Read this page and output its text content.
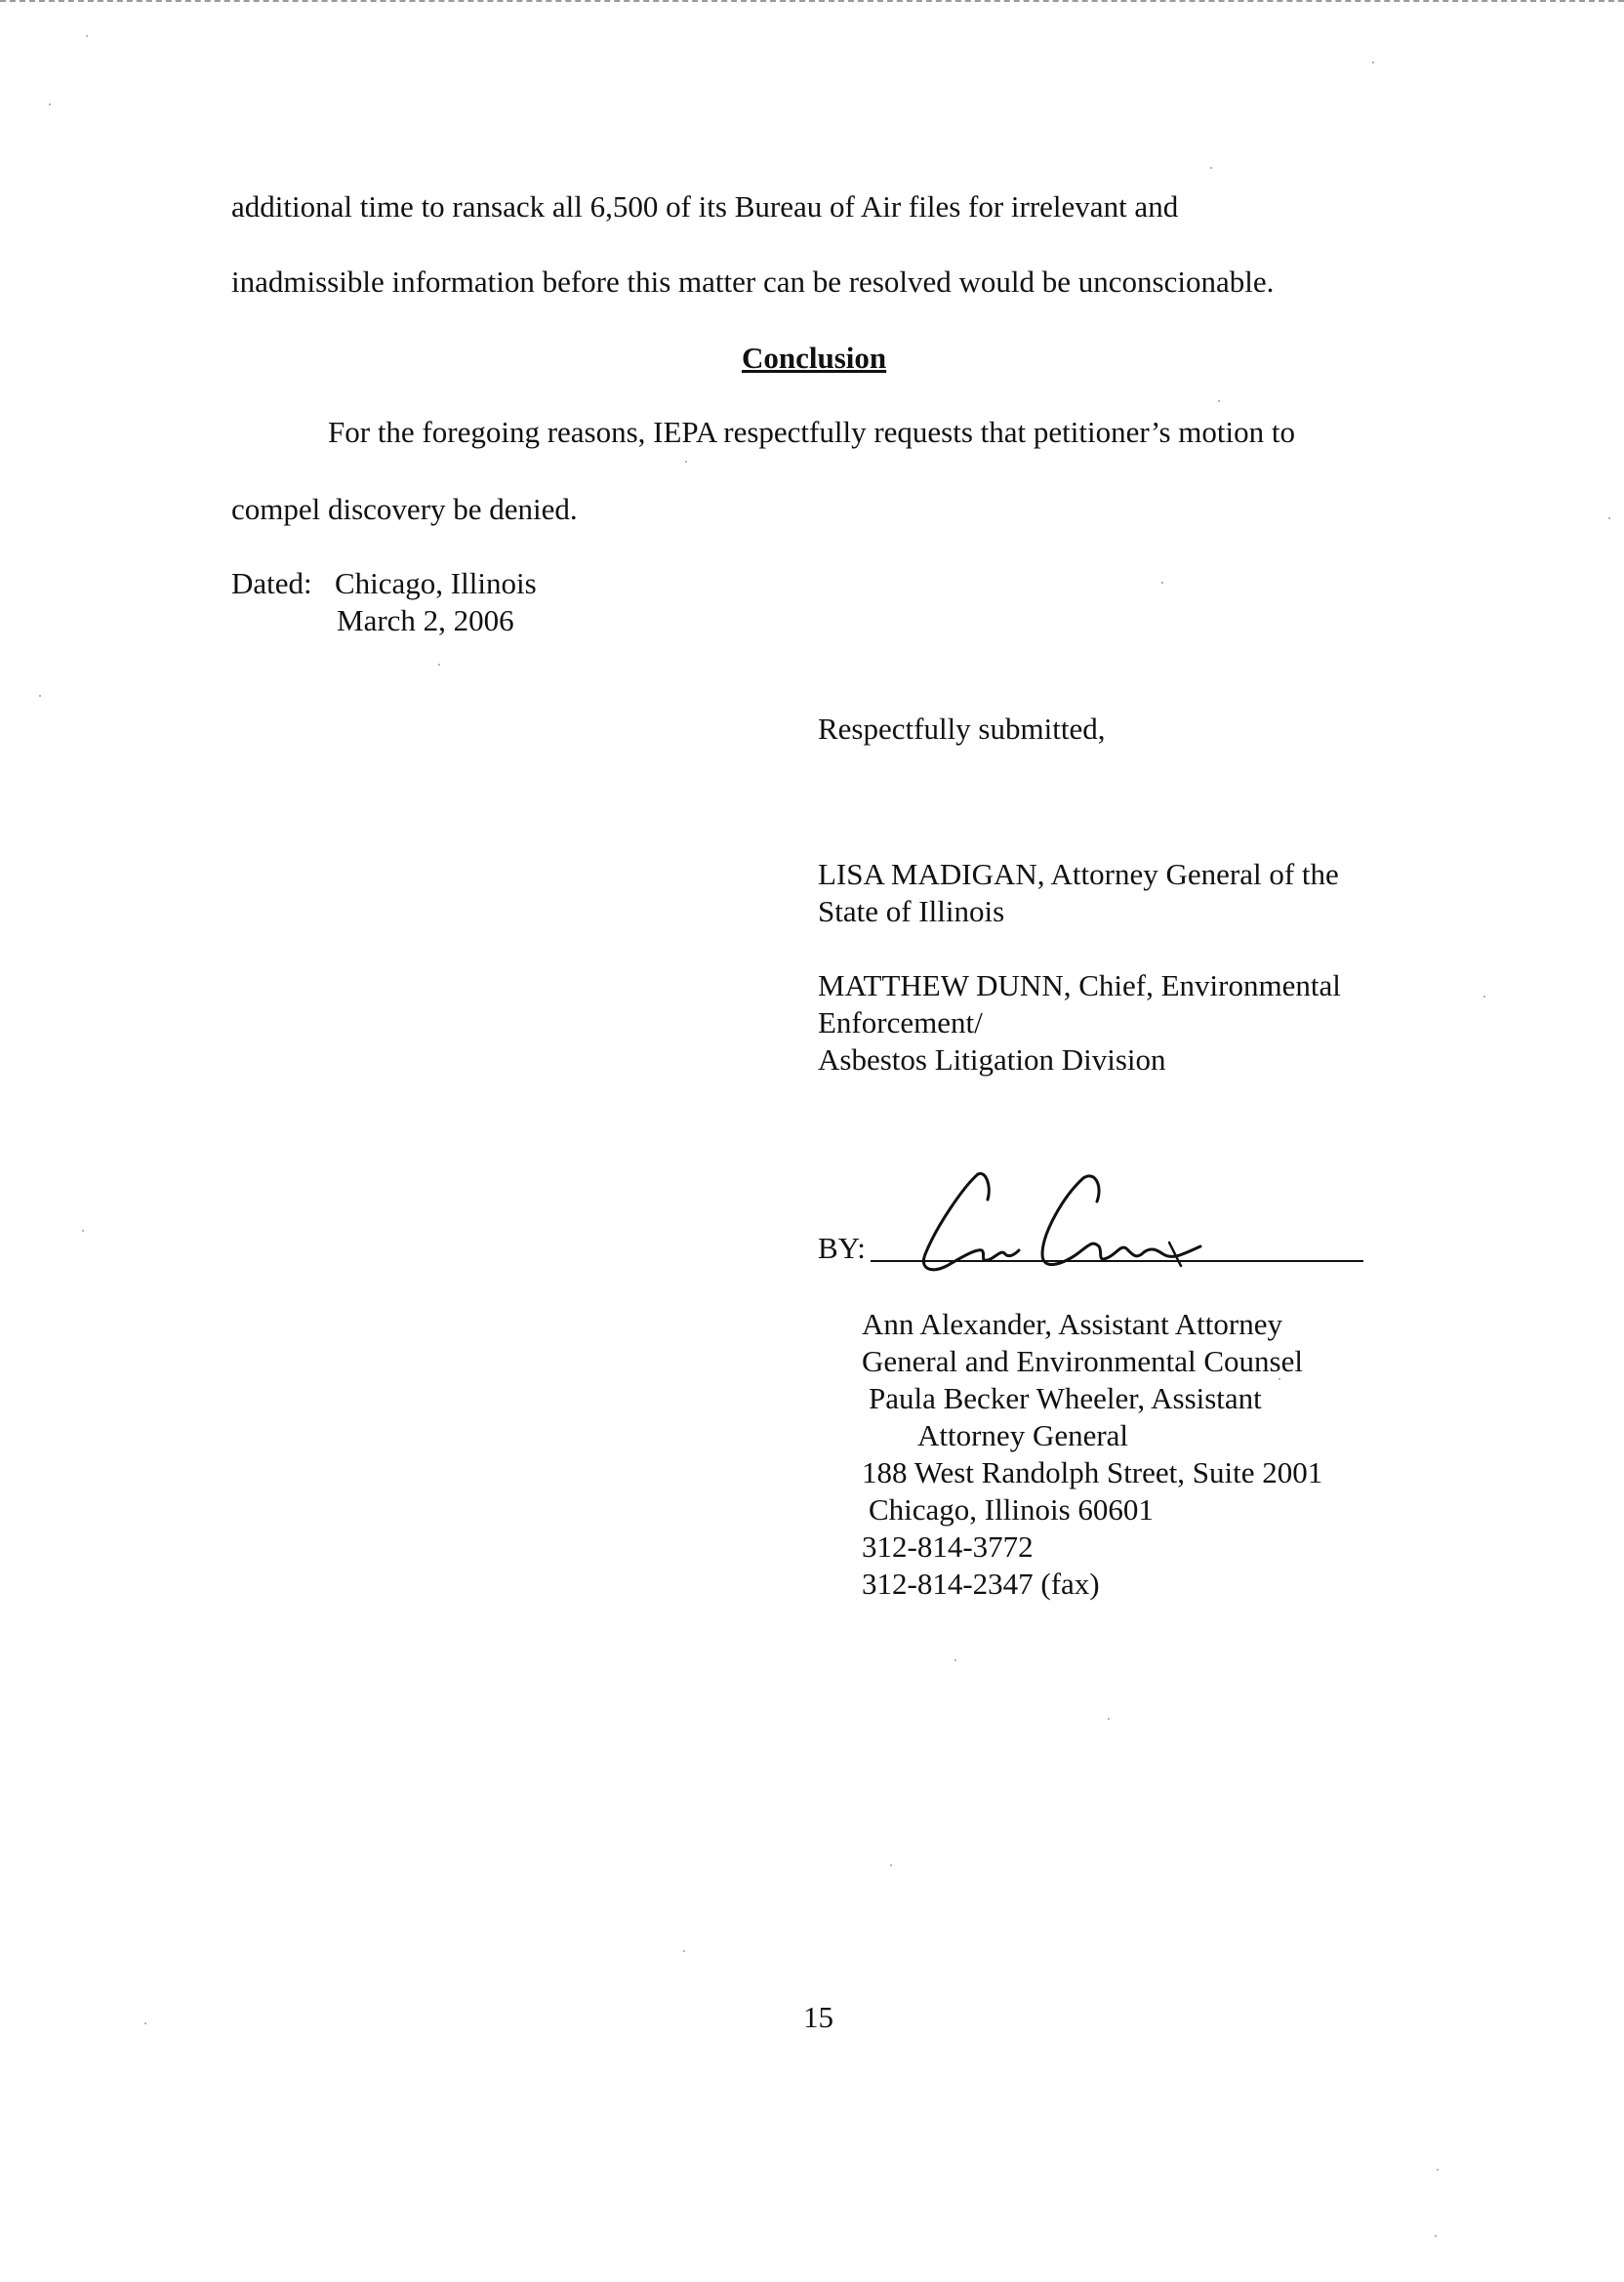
additional time to ransack all 6,500 of its Bureau of Air files for irrelevant and
inadmissible information before this matter can be resolved would be unconscionable.
Conclusion
For the foregoing reasons, IEPA respectfully requests that petitioner’s motion to
compel discovery be denied.
Dated: Chicago, Illinois
March 2, 2006
Respectfully submitted,
LISA MADIGAN, Attorney General of the
State of Illinois
MATTHEW DUNN, Chief, Environmental
Enforcement/
Asbestos Litigation Division
BY:
Ann Alexander, Assistant Attorney
General and Environmental Counsel
Paula Becker Wheeler, Assistant
Attorney General
188 West Randolph Street, Suite 2001
Chicago, Illinois 60601
312-814-3772
312-814-2347 (fax)
15
